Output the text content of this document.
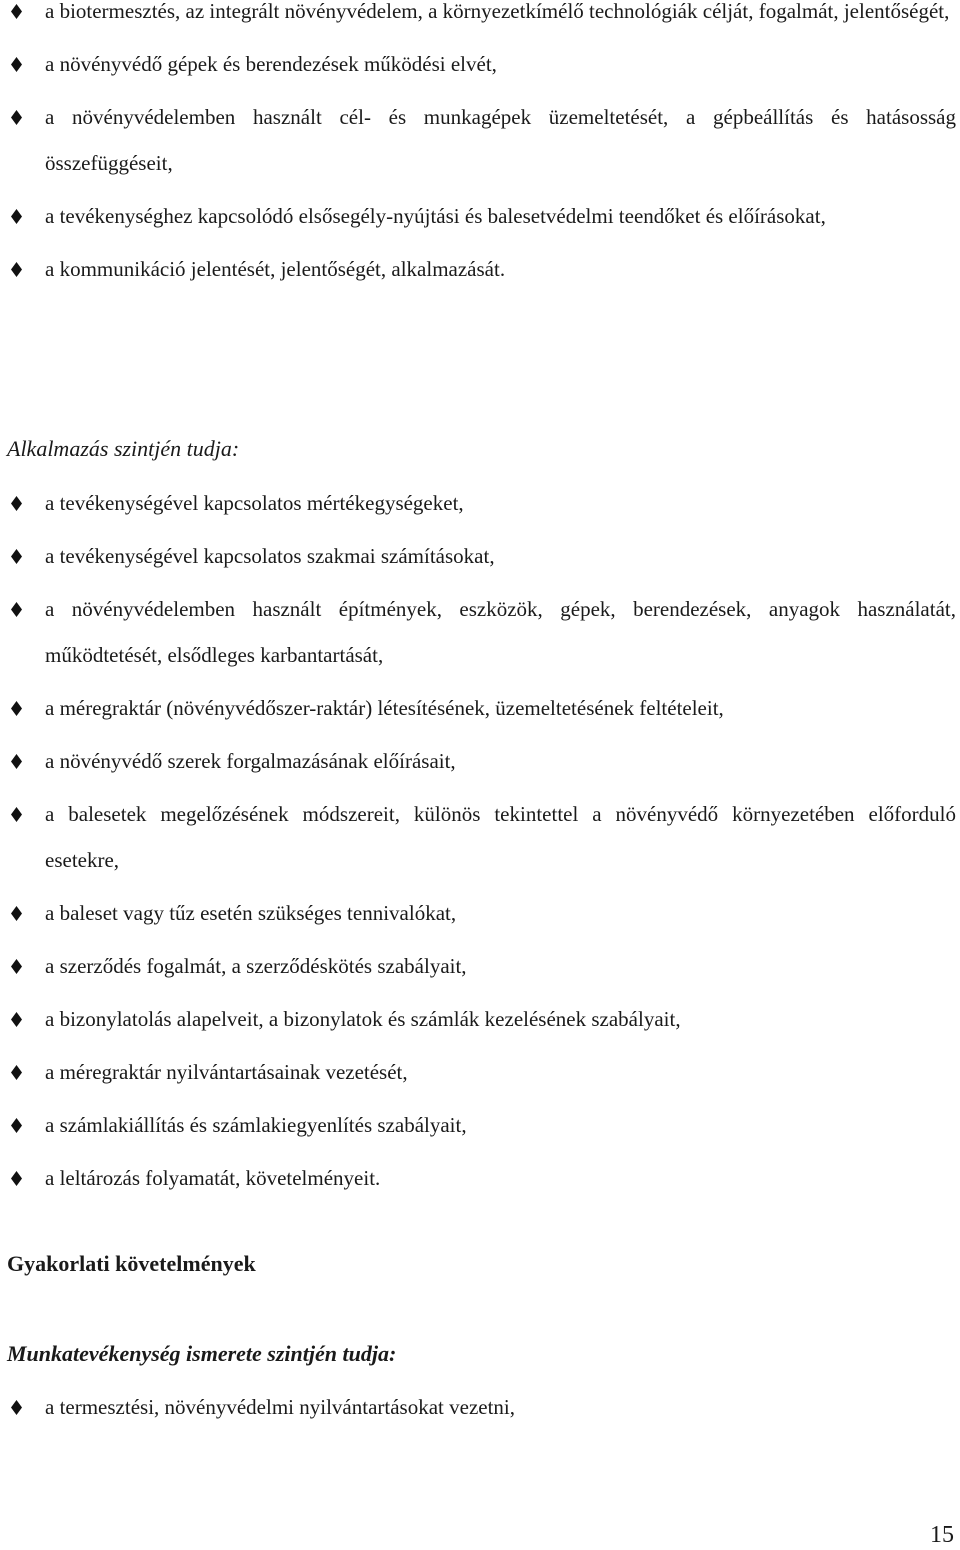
a biotermesztés, az integrált növényvédelem, a környezetkímélő technológiák célját, fogalmát, jelentőségét,
a növényvédő gépek és berendezések működési elvét,
a növényvédelemben használt cél- és munkagépek üzemeltetését, a gépbeállítás és hatásosság összefüggéseit,
a tevékenységhez kapcsolódó elsősegély-nyújtási és balesetvédelmi teendőket és előírásokat,
a kommunikáció jelentését, jelentőségét, alkalmazását.
Alkalmazás szintjén tudja:
a tevékenységével kapcsolatos mértékegységeket,
a tevékenységével kapcsolatos szakmai számításokat,
a növényvédelemben használt építmények, eszközök, gépek, berendezések, anyagok használatát, működtetését, elsődleges karbantartását,
a méregraktár (növényvédőszer-raktár) létesítésének, üzemeltetésének feltételeit,
a növényvédő szerek forgalmazásának előírásait,
a balesetek megelőzésének módszereit, különös tekintettel a növényvédő környezetében előforduló esetekre,
a baleset vagy tűz esetén szükséges tennivalókat,
a szerződés fogalmát, a szerződéskötés szabályait,
a bizonylatolás alapelveit, a bizonylatok és számlák kezelésének szabályait,
a méregraktár nyilvántartásainak vezetését,
a számlakiállítás és számlakiegyenlítés szabályait,
a leltározás folyamatát, követelményeit.
Gyakorlati követelmények
Munkatevékenység ismerete szintjén tudja:
a termesztési, növényvédelmi nyilvántartásokat vezetni,
15
